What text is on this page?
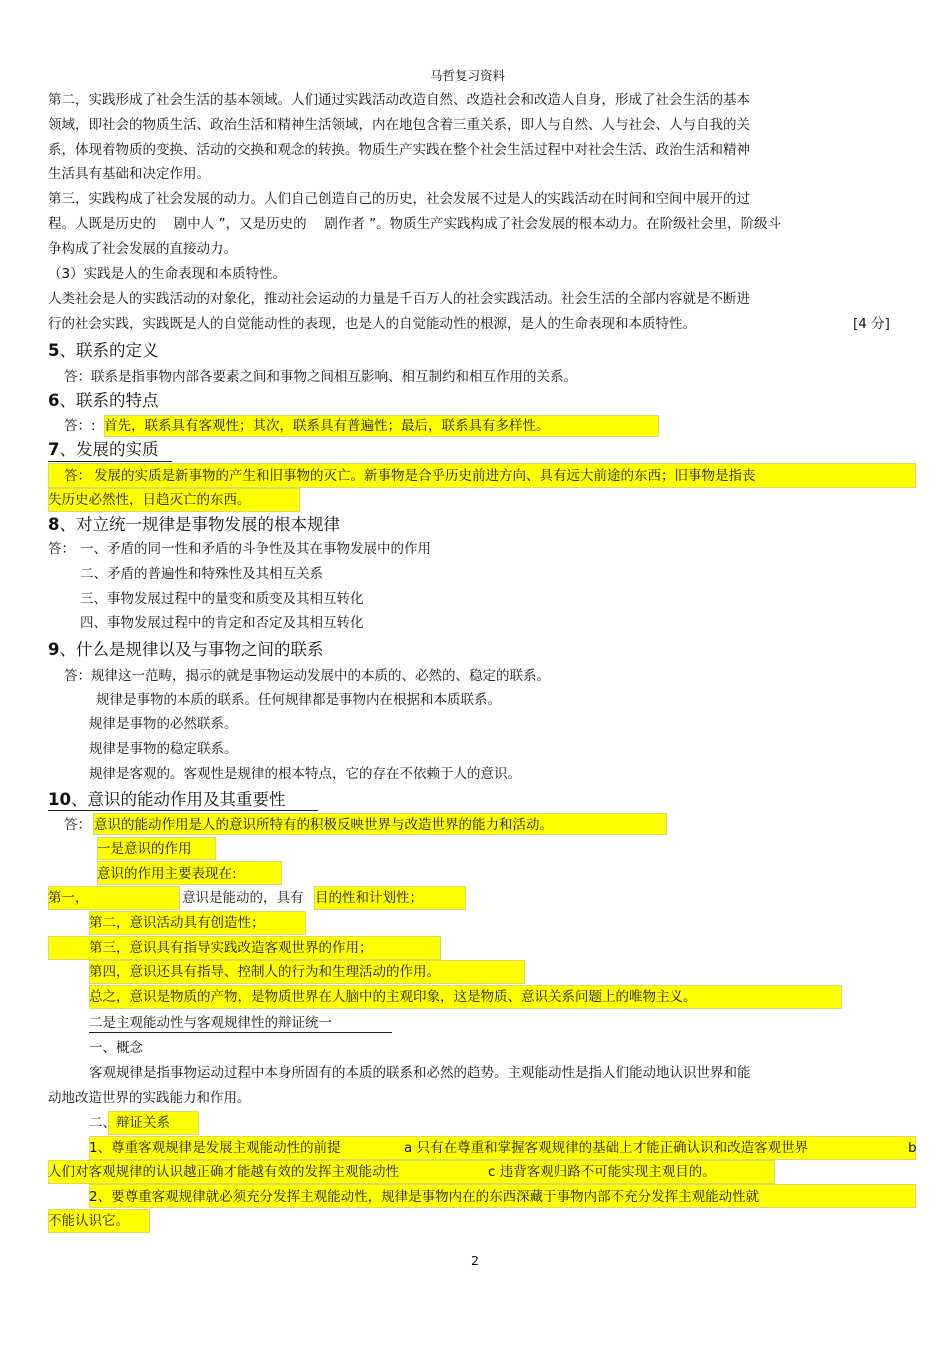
马哲复习资料
第二，实践形成了社会生活的基本领域。人们通过实践活动改造自然、改造社会和改造人自身，形成了社会生活的基本
领域，即社会的物质生活、政治生活和精神生活领域，内在地包含着三重关系，即人与自然、人与社会、人与自我的关
系，体现着物质的变换、活动的交换和观念的转换。物质生产实践在整个社会生活过程中对社会生活、政治生活和精神
生活具有基础和决定作用。
第三，实践构成了社会发展的动力。人们自己创造自己的历史，社会发展不过是人的实践活动在时间和空间中展开的过
程。人既是历史的　 剧中人 ”，又是历史的　 剧作者 ”。物质生产实践构成了社会发展的根本动力。在阶级社会里，阶级斗
争构成了社会发展的直接动力。
（3）实践是人的生命表现和本质特性。
人类社会是人的实践活动的对象化，推动社会运动的力量是千百万人的社会实践活动。社会生活的全部内容就是不断进
行的社会实践，实践既是人的自觉能动性的表现，也是人的自觉能动性的根源，是人的生命表现和本质特性。	[4 分]
5、联系的定义
答：联系是指事物内部各要素之间和事物之间相互影响、相互制约和相互作用的关系。
6、联系的特点
答：: 首先，联系具有客观性；其次，联系具有普遍性；最后，联系具有多样性。
7、发展的实质
答： 发展的实质是新事物的产生和旧事物的灭亡。新事物是合乎历史前进方向、具有远大前途的东西；旧事物是指丧
失历史必然性，日趋灭亡的东西。
8、对立统一规律是事物发展的根本规律
答： 一、矛盾的同一性和矛盾的斗争性及其在事物发展中的作用
二、矛盾的普遍性和特殊性及其相互关系
三、事物发展过程中的量变和质变及其相互转化
四、事物发展过程中的肯定和否定及其相互转化
9、什么是规律以及与事物之间的联系
答：规律这一范畴，揭示的就是事物运动发展中的本质的、必然的、稳定的联系。
规律是事物的本质的联系。任何规律都是事物内在根据和本质联系。
规律是事物的必然联系。
规律是事物的稳定联系。
规律是客观的。客观性是规律的根本特点，它的存在不依赖于人的意识。
10、意识的能动作用及其重要性
答： 意识的能动作用是人的意识所特有的积极反映世界与改造世界的能力和活动。
一是意识的作用
意识的作用主要表现在:
第一，	意识是能动的，具有 目的性和计划性；
第二，意识活动具有创造性；
第三，意识具有指导实践改造客观世界的作用；
第四，意识还具有指导、控制人的行为和生理活动的作用。
总之，意识是物质的产物，是物质世界在人脑中的主观印象，这是物质、意识关系问题上的唯物主义。
二是主观能动性与客观规律性的辩证统一
一、概念
客观规律是指事物运动过程中本身所固有的本质的联系和必然的趋势。主观能动性是指人们能动地认识世界和能
动地改造世界的实践能力和作用。
二、 辩证关系
1、尊重客观规律是发展主观能动性的前提	a 只有在尊重和掌握客观规律的基础上才能正确认识和改造客观世界	b
人们对客观规律的认识越正确才能越有效的发挥主观能动性	c 违背客观归路不可能实现主观目的。
2、要尊重客观规律就必须充分发挥主观能动性，规律是事物内在的东西深藏于事物内部不充分发挥主观能动性就
不能认识它。
2
